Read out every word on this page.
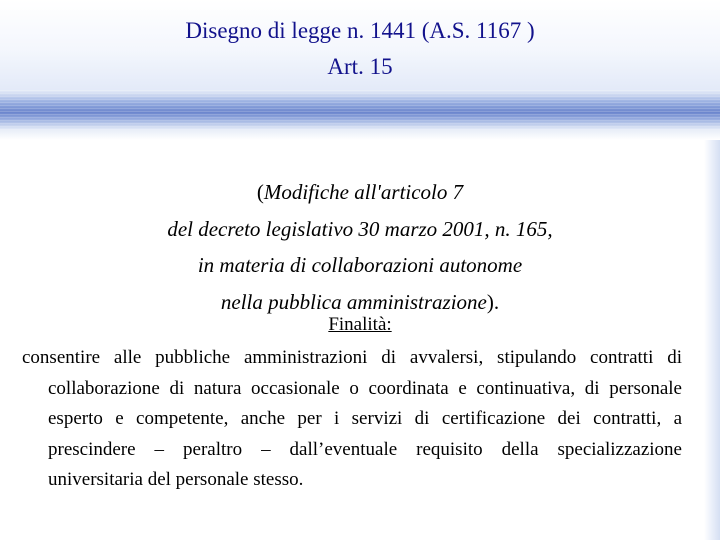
Disegno di legge n. 1441 (A.S. 1167 )
Art. 15
(Modifiche all'articolo 7
del decreto legislativo 30 marzo 2001, n. 165,
in materia di collaborazioni autonome
nella pubblica amministrazione).
Finalità:
consentire alle pubbliche amministrazioni di avvalersi, stipulando contratti di collaborazione di natura occasionale o coordinata e continuativa, di personale esperto e competente, anche per i servizi di certificazione dei contratti, a prescindere – peraltro – dall’eventuale requisito della specializzazione universitaria del personale stesso.
